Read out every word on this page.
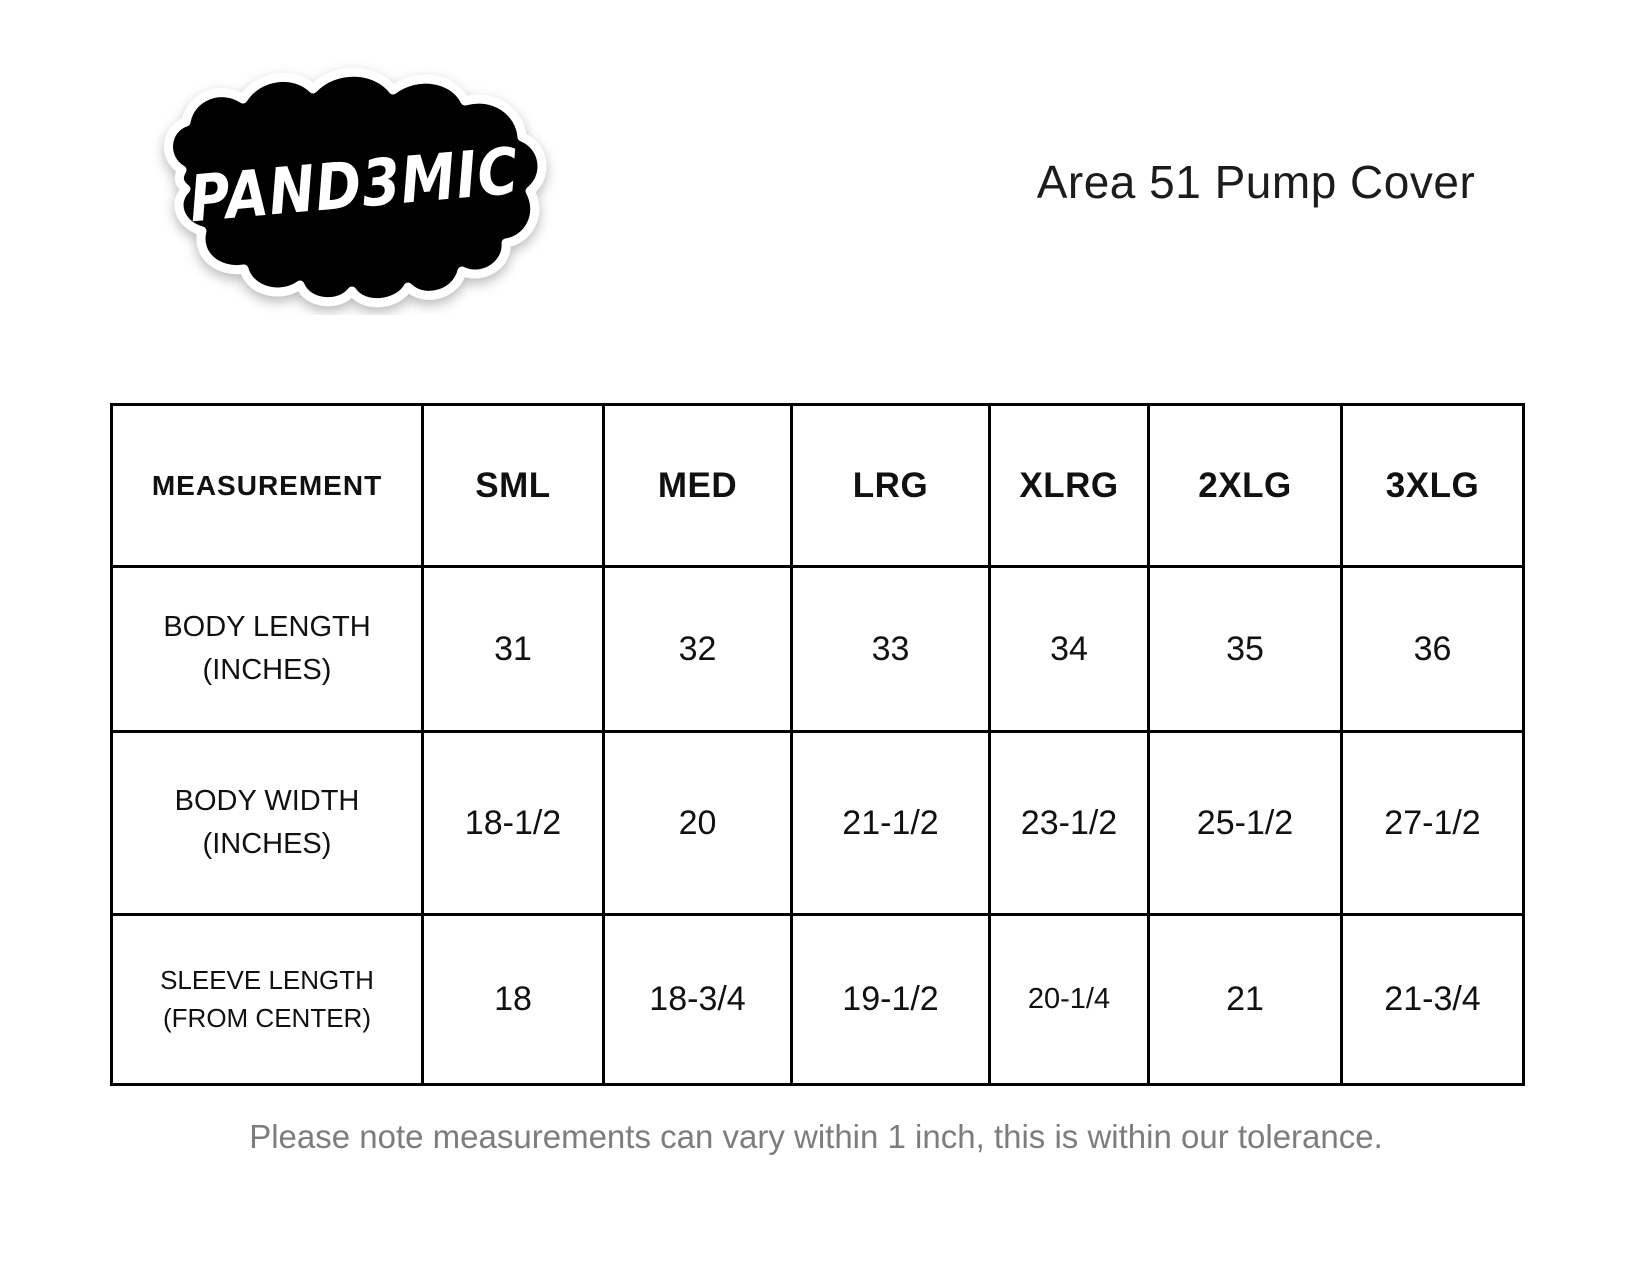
PAND3MIC	Area 51 Pump Cover
MEASUREMENT	SML	MED	LRG	XLRG	2XLG	3XLG

BODY LENGTH
(INCHES)	31	32	33	34	35	36

BODY WIDTH
(INCHES)	18-1/2	20	21-1/2	23-1/2	25-1/2	27-1/2

SLEEVE LENGTH
(FROM CENTER)	18	18-3/4	19-1/2	20-1/4	21	21-3/4

Please note measurements can vary within 1 inch, this is within our tolerance.
